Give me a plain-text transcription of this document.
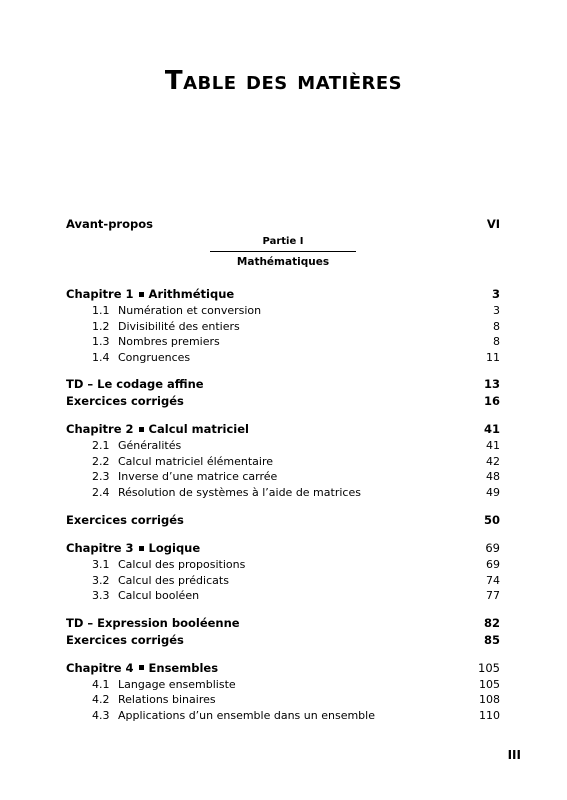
Table des matières
Avant-propos	VI
Partie I
Mathématiques
Chapitre 1 Arithmétique	3
1.1 Numération et conversion	3
1.2 Divisibilité des entiers	8
1.3 Nombres premiers	8
1.4 Congruences	11
TD – Le codage affine	13
Exercices corrigés	16
Chapitre 2 Calcul matriciel	41
2.1 Généralités	41
2.2 Calcul matriciel élémentaire	42
2.3 Inverse d’une matrice carrée	48
2.4 Résolution de systèmes à l’aide de matrices	49
Exercices corrigés	50
Chapitre 3 Logique	69
3.1 Calcul des propositions	69
3.2 Calcul des prédicats	74
3.3 Calcul booléen	77
TD – Expression booléenne	82
Exercices corrigés	85
Chapitre 4 Ensembles	105
4.1 Langage ensembliste	105
4.2 Relations binaires	108
4.3 Applications d’un ensemble dans un ensemble	110
III
